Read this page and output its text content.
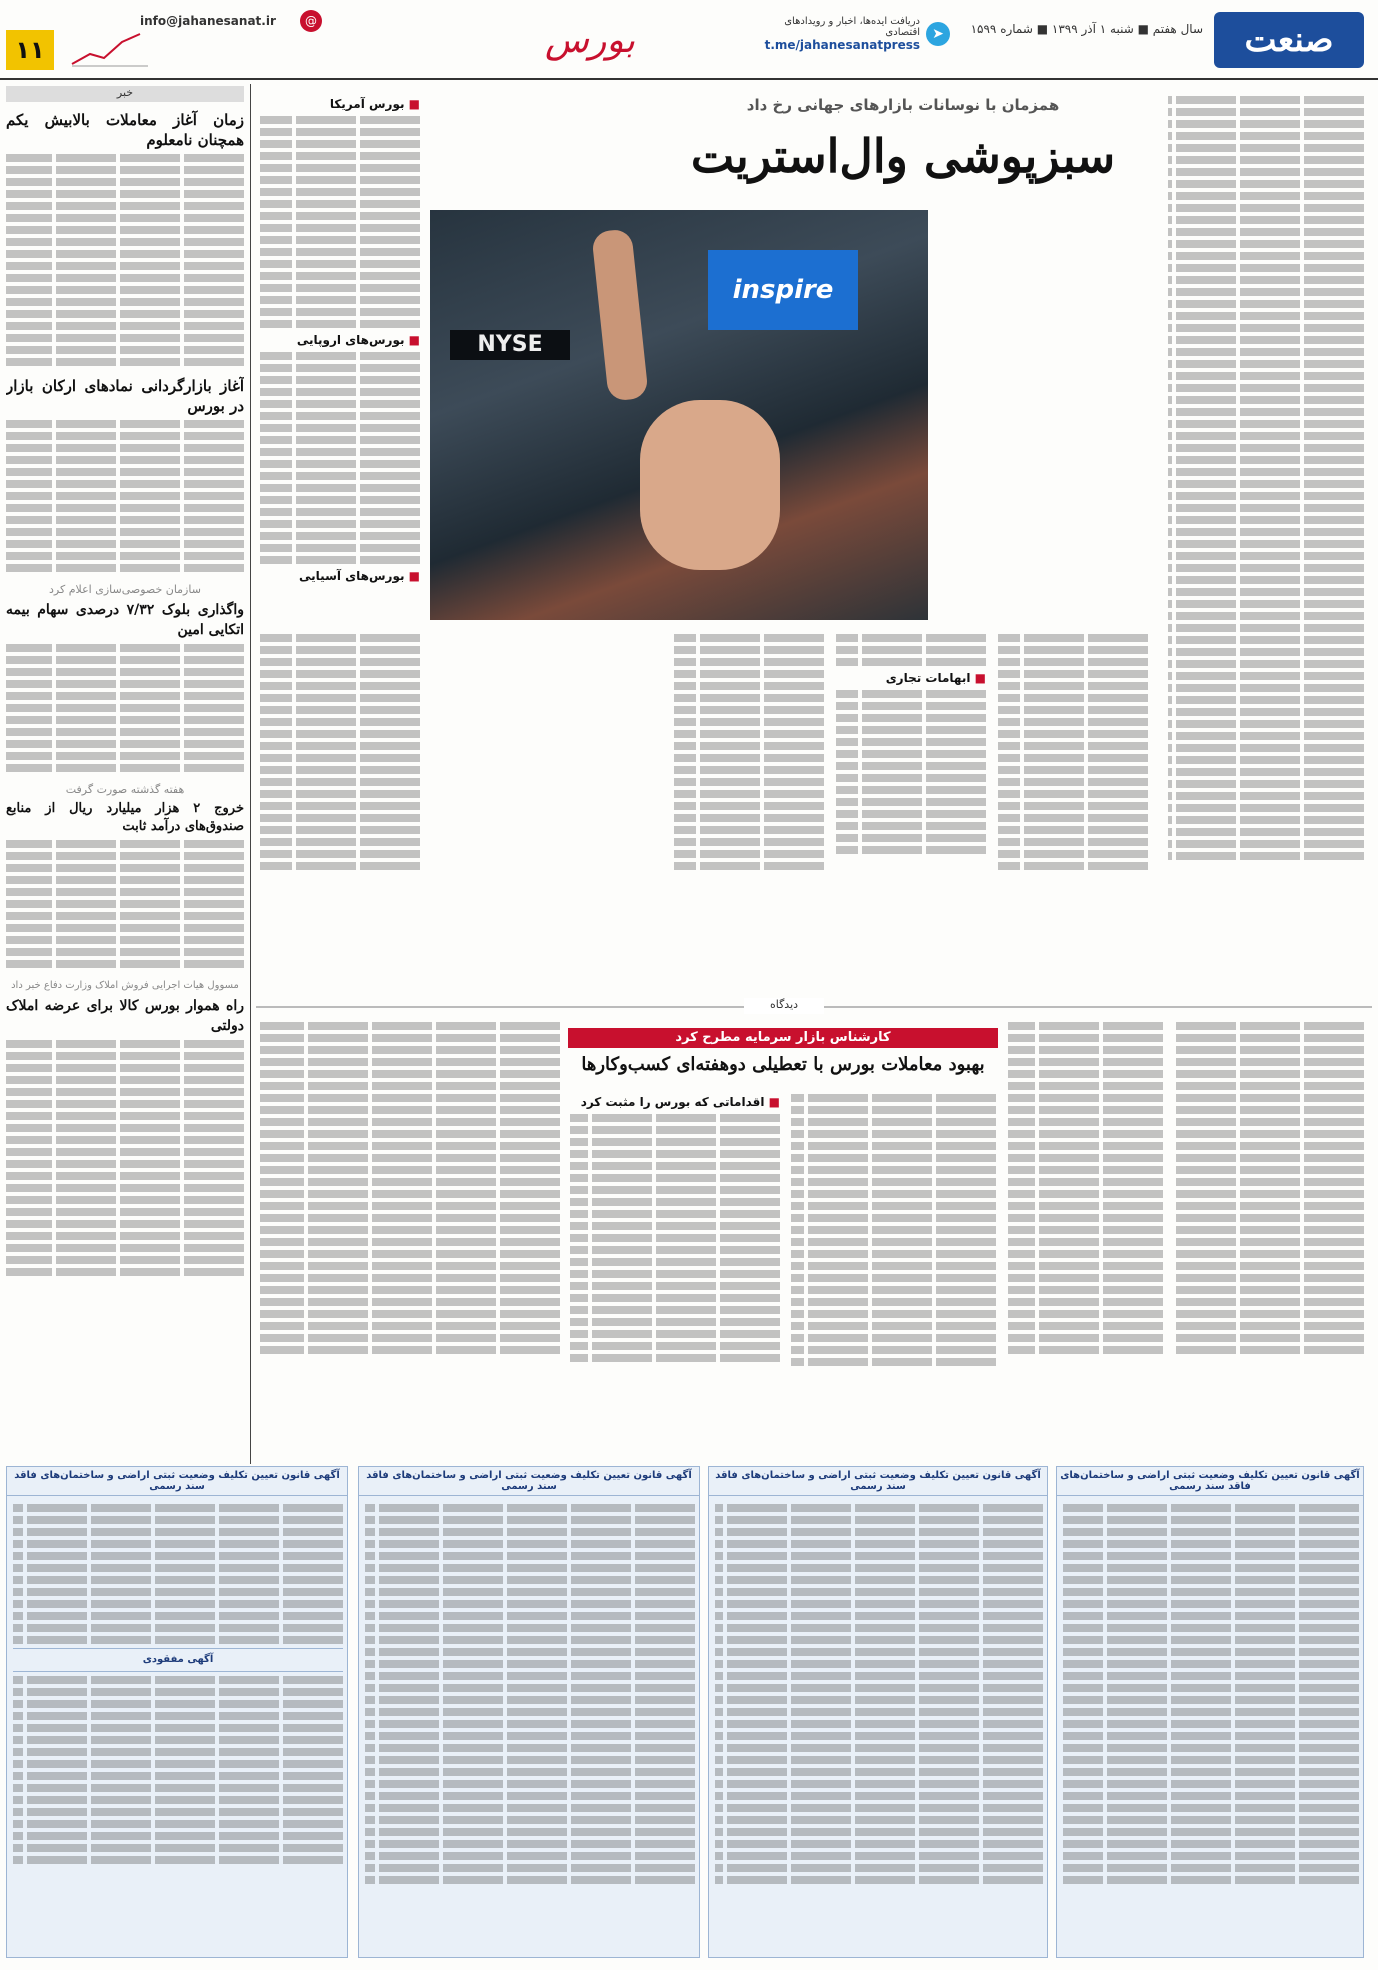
صنعت
سال هفتم ■ شنبه ۱ آذر ۱۳۹۹ ■ شماره ۱۵۹۹
دریافت ایده‌ها، اخبار و رویدادهای اقتصادی
t.me/jahanesanatpress
➤
بورس
@
info@jahanesanat.ir
۱۱
همزمان با نوسانات بازارهای جهانی رخ داد
سبزپوشی وال‌استریت
■ بورس آمریکا
■ بورس‌های اروپایی
■ بورس‌های آسیایی
inspire
NYSE
■ ابهامات تجاری
خبر
زمان آغاز معاملات بالابیش یکم همچنان نامعلوم
آغاز بازارگردانی نمادهای ارکان بازار در بورس
سازمان خصوصی‌سازی اعلام کرد
واگذاری بلوک ۷/۳۲ درصدی سهام بیمه اتکایی امین
هفته گذشته صورت گرفت
خروج ۲ هزار میلیارد ریال از منابع صندوق‌های درآمد ثابت
مسوول هیات اجرایی فروش املاک وزارت دفاع خبر داد
راه هموار بورس کالا برای عرضه املاک دولتی
دیدگاه
کارشناس بازار سرمایه مطرح کرد
بهبود معاملات بورس با تعطیلی دوهفته‌ای کسب‌وکارها
■ اقداماتی که بورس را مثبت کرد
آگهی قانون تعیین تکلیف وضعیت ثبتی اراضی و ساختمان‌های فاقد سند رسمی
آگهی قانون تعیین تکلیف وضعیت ثبتی اراضی و ساختمان‌های فاقد سند رسمی
آگهی قانون تعیین تکلیف وضعیت ثبتی اراضی و ساختمان‌های فاقد سند رسمی
آگهی قانون تعیین تکلیف وضعیت ثبتی اراضی و ساختمان‌های فاقد سند رسمی
آگهی مفقودی
